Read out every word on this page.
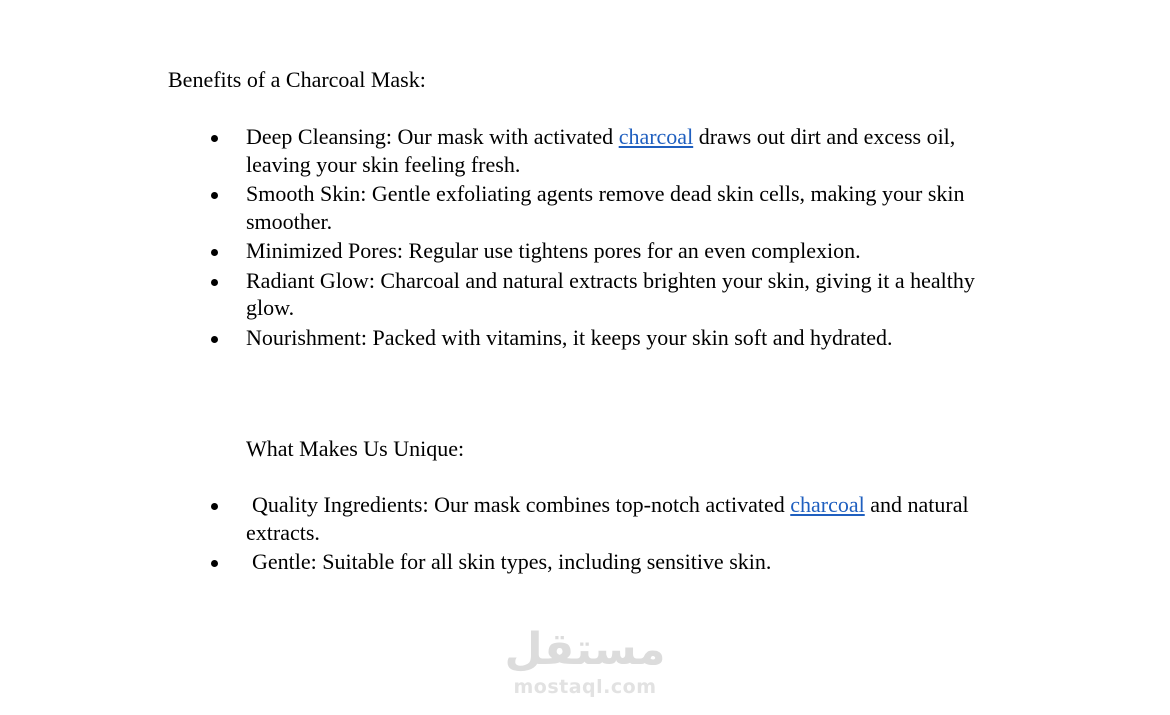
Benefits of a Charcoal Mask:
Deep Cleansing: Our mask with activated charcoal draws out dirt and excess oil, leaving your skin feeling fresh.
Smooth Skin: Gentle exfoliating agents remove dead skin cells, making your skin smoother.
Minimized Pores: Regular use tightens pores for an even complexion.
Radiant Glow: Charcoal and natural extracts brighten your skin, giving it a healthy glow.
Nourishment: Packed with vitamins, it keeps your skin soft and hydrated.
What Makes Us Unique:
Quality Ingredients: Our mask combines top-notch activated charcoal and natural extracts.
Gentle: Suitable for all skin types, including sensitive skin.
مستقل
mostaql.com
